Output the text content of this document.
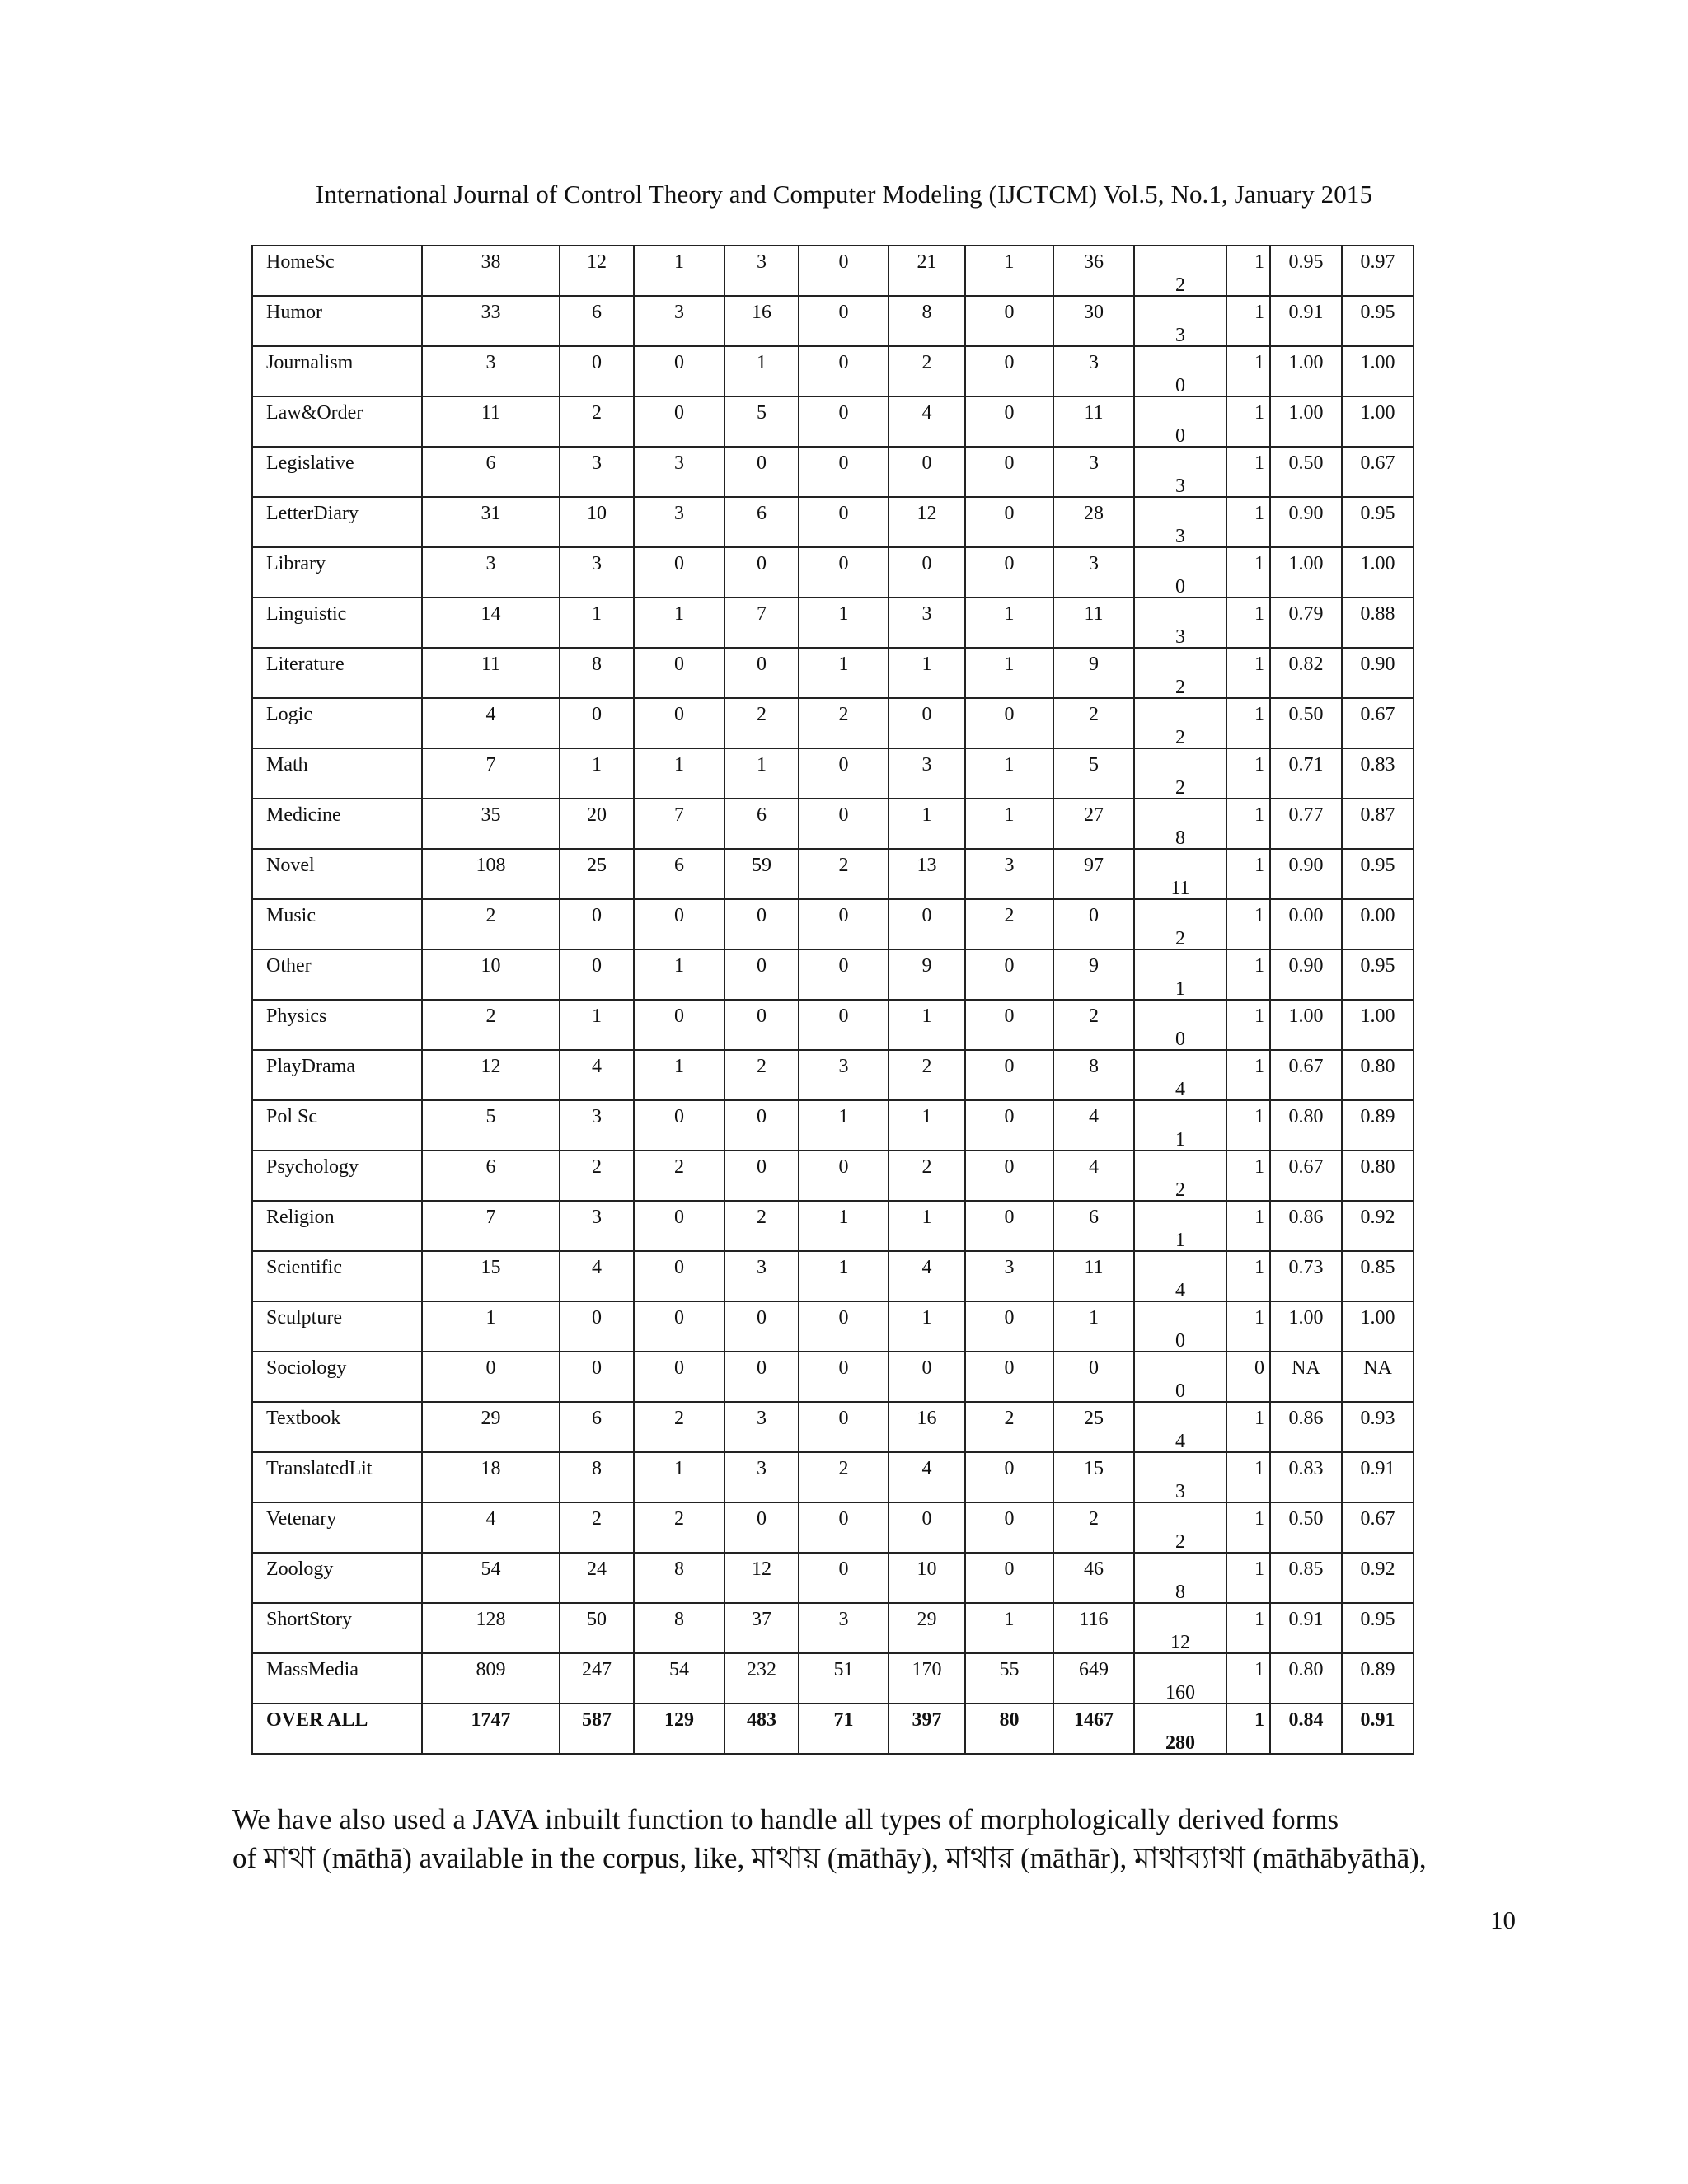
International Journal of Control Theory and Computer Modeling (IJCTCM) Vol.5, No.1, January 2015
HomeSc	38	12	1	3	0	21	1	36	2	1	0.95	0.97

Humor	33	6	3	16	0	8	0	30	3	1	0.91	0.95

Journalism	3	0	0	1	0	2	0	3	0	1	1.00	1.00

Law&Order	11	2	0	5	0	4	0	11	0	1	1.00	1.00

Legislative	6	3	3	0	0	0	0	3	3	1	0.50	0.67

LetterDiary	31	10	3	6	0	12	0	28	3	1	0.90	0.95

Library	3	3	0	0	0	0	0	3	0	1	1.00	1.00

Linguistic	14	1	1	7	1	3	1	11	3	1	0.79	0.88

Literature	11	8	0	0	1	1	1	9	2	1	0.82	0.90

Logic	4	0	0	2	2	0	0	2	2	1	0.50	0.67

Math	7	1	1	1	0	3	1	5	2	1	0.71	0.83

Medicine	35	20	7	6	0	1	1	27	8	1	0.77	0.87

Novel	108	25	6	59	2	13	3	97	11	1	0.90	0.95

Music	2	0	0	0	0	0	2	0	2	1	0.00	0.00

Other	10	0	1	0	0	9	0	9	1	1	0.90	0.95

Physics	2	1	0	0	0	1	0	2	0	1	1.00	1.00

PlayDrama	12	4	1	2	3	2	0	8	4	1	0.67	0.80

Pol Sc	5	3	0	0	1	1	0	4	1	1	0.80	0.89

Psychology	6	2	2	0	0	2	0	4	2	1	0.67	0.80

Religion	7	3	0	2	1	1	0	6	1	1	0.86	0.92

Scientific	15	4	0	3	1	4	3	11	4	1	0.73	0.85

Sculpture	1	0	0	0	0	1	0	1	0	1	1.00	1.00

Sociology	0	0	0	0	0	0	0	0	0	0	NA	NA

Textbook	29	6	2	3	0	16	2	25	4	1	0.86	0.93

TranslatedLit	18	8	1	3	2	4	0	15	3	1	0.83	0.91

Vetenary	4	2	2	0	0	0	0	2	2	1	0.50	0.67

Zoology	54	24	8	12	0	10	0	46	8	1	0.85	0.92

ShortStory	128	50	8	37	3	29	1	116	12	1	0.91	0.95

MassMedia	809	247	54	232	51	170	55	649	160	1	0.80	0.89

OVER ALL	1747	587	129	483	71	397	80	1467	280	1	0.84	0.91
We have also used a JAVA inbuilt function to handle all types of morphologically derived forms
of মাথা (māthā) available in the corpus, like, মাথায় (māthāy), মাথার (māthār), মাথাব্যাথা (māthābyāthā),
10
